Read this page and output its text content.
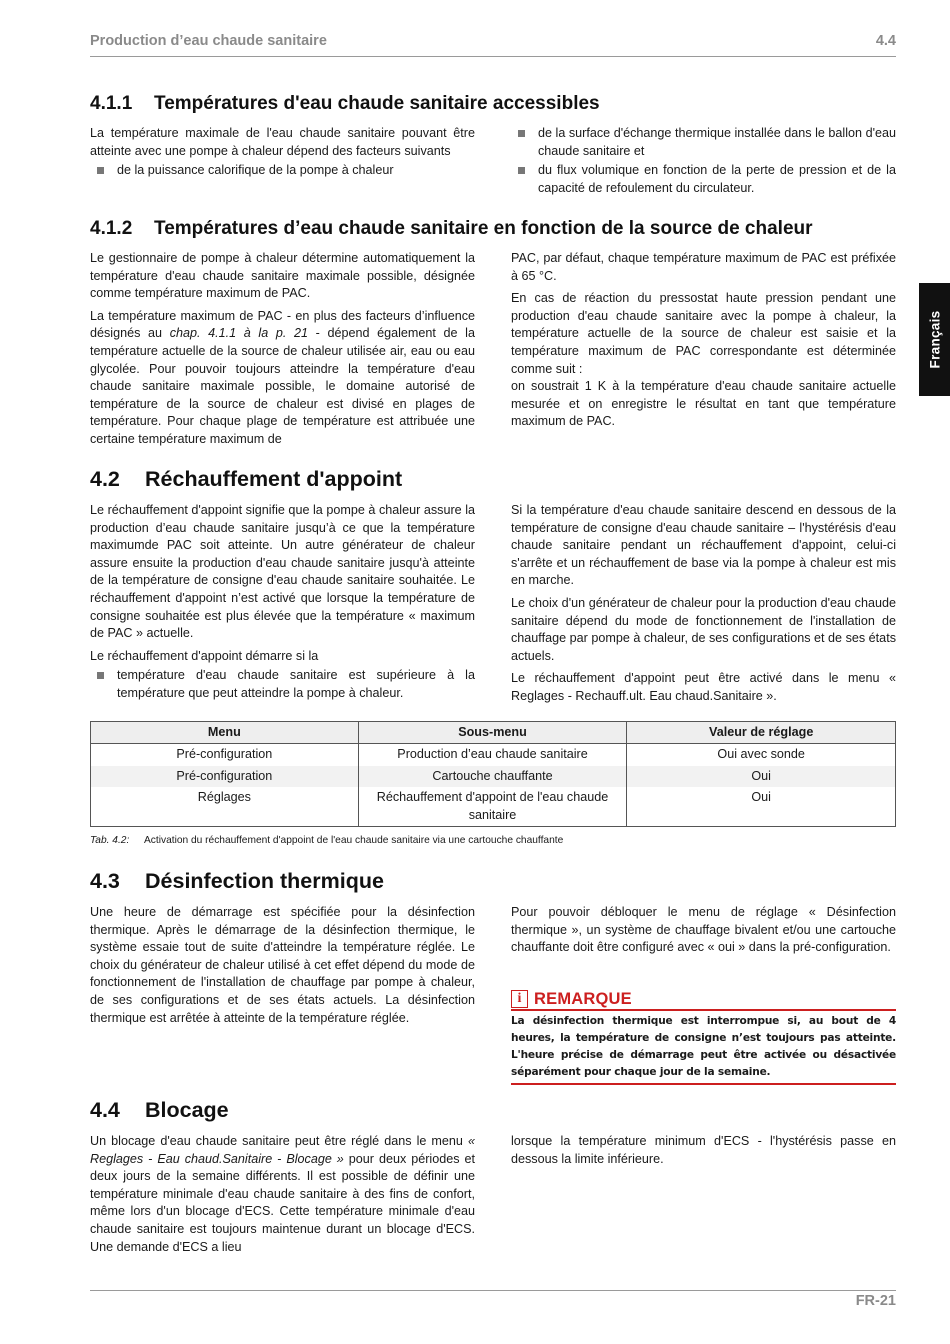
Production d’eau chaude sanitaire	4.4
Français
4.1.1 Températures d'eau chaude sanitaire accessibles

La température maximale de l'eau chaude sanitaire pouvant être atteinte avec une pompe à chaleur dépend des facteurs suivants

de la puissance calorifique de la pompe à chaleur
de la surface d'échange thermique installée dans le ballon d'eau chaude sanitaire et
du flux volumique en fonction de la perte de pression et de la capacité de refoulement du circulateur.
4.1.2 Températures d’eau chaude sanitaire en fonction de la source de chaleur

Le gestionnaire de pompe à chaleur détermine automatiquement la température d'eau chaude sanitaire maximale possible, désignée comme température maximum de PAC.

La température maximum de PAC - en plus des facteurs d’influence désignés au chap. 4.1.1 à la p. 21 - dépend également de la température actuelle de la source de chaleur utilisée air, eau ou eau glycolée. Pour pouvoir toujours atteindre la température d'eau chaude sanitaire maximale possible, le domaine autorisé de température de la source de chaleur est divisé en plages de température. Pour chaque plage de température est attribuée une certaine température maximum de

PAC, par défaut, chaque température maximum de PAC est préfixée à 65 °C.

En cas de réaction du pressostat haute pression pendant une production d'eau chaude sanitaire avec la pompe à chaleur, la température actuelle de la source de chaleur est saisie et la température maximum de PAC correspondante est déterminée comme suit :

on soustrait 1 K à la température d'eau chaude sanitaire actuelle mesurée et on enregistre le résultat en tant que température maximum de PAC.

4.2 Réchauffement d'appoint

Le réchauffement d'appoint signifie que la pompe à chaleur assure la production d’eau chaude sanitaire jusqu’à ce que la température maximumde PAC soit atteinte. Un autre générateur de chaleur assure ensuite la production d'eau chaude sanitaire jusqu'à atteinte de la température de consigne d'eau chaude sanitaire souhaitée. Le réchauffement d'appoint n’est activé que lorsque la température de consigne souhaitée est plus élevée que la température « maximum de PAC » actuelle.

Le réchauffement d'appoint démarre si la

température d'eau chaude sanitaire est supérieure à la température que peut atteindre la pompe à chaleur.

Si la température d'eau chaude sanitaire descend en dessous de la température de consigne d'eau chaude sanitaire – l'hystérésis d'eau chaude sanitaire pendant un réchauffement d'appoint, celui-ci s'arrête et un réchauffement de base via la pompe à chaleur est mis en marche.

Le choix d'un générateur de chaleur pour la production d'eau chaude sanitaire dépend du mode de fonctionnement de l'installation de chauffage par pompe à chaleur, de ses configurations et de ses états actuels.

Le réchauffement d'appoint peut être activé dans le menu « Reglages - Rechauff.ult. Eau chaud.Sanitaire ».

Menu	Sous-menu	Valeur de réglage
Pré-configuration	Production d’eau chaude sanitaire	Oui avec sonde
Pré-configuration	Cartouche chauffante	Oui
Réglages	Réchauffement d'appoint de l'eau chaude sanitaire	Oui
Tab. 4.2: Activation du réchauffement d'appoint de l'eau chaude sanitaire via une cartouche chauffante
4.3 Désinfection thermique

Une heure de démarrage est spécifiée pour la désinfection thermique. Après le démarrage de la désinfection thermique, le système essaie tout de suite d'atteindre la température réglée. Le choix du générateur de chaleur utilisé à cet effet dépend du mode de fonctionnement de l'installation de chauffage par pompe à chaleur, de ses configurations et de ses états actuels. La désinfection thermique est arrêtée à atteinte de la température réglée.

Pour pouvoir débloquer le menu de réglage « Désinfection thermique », un système de chauffage bivalent et/ou une cartouche chauffante doit être configuré avec « oui » dans la pré-configuration.

i REMARQUE

La désinfection thermique est interrompue si, au bout de 4 heures, la température de consigne n’est toujours pas atteinte. L'heure précise de démarrage peut être activée ou désactivée séparément pour chaque jour de la semaine.

4.4 Blocage

Un blocage d'eau chaude sanitaire peut être réglé dans le menu « Reglages - Eau chaud.Sanitaire - Blocage » pour deux périodes et deux jours de la semaine différents. Il est possible de définir une température minimale d'eau chaude sanitaire à des fins de confort, même lors d'un blocage d'ECS. Cette température minimale d'eau chaude sanitaire est toujours maintenue durant un blocage d'ECS. Une demande d'ECS a lieu

lorsque la température minimum d'ECS - l'hystérésis passe en dessous la limite inférieure.

FR-21
